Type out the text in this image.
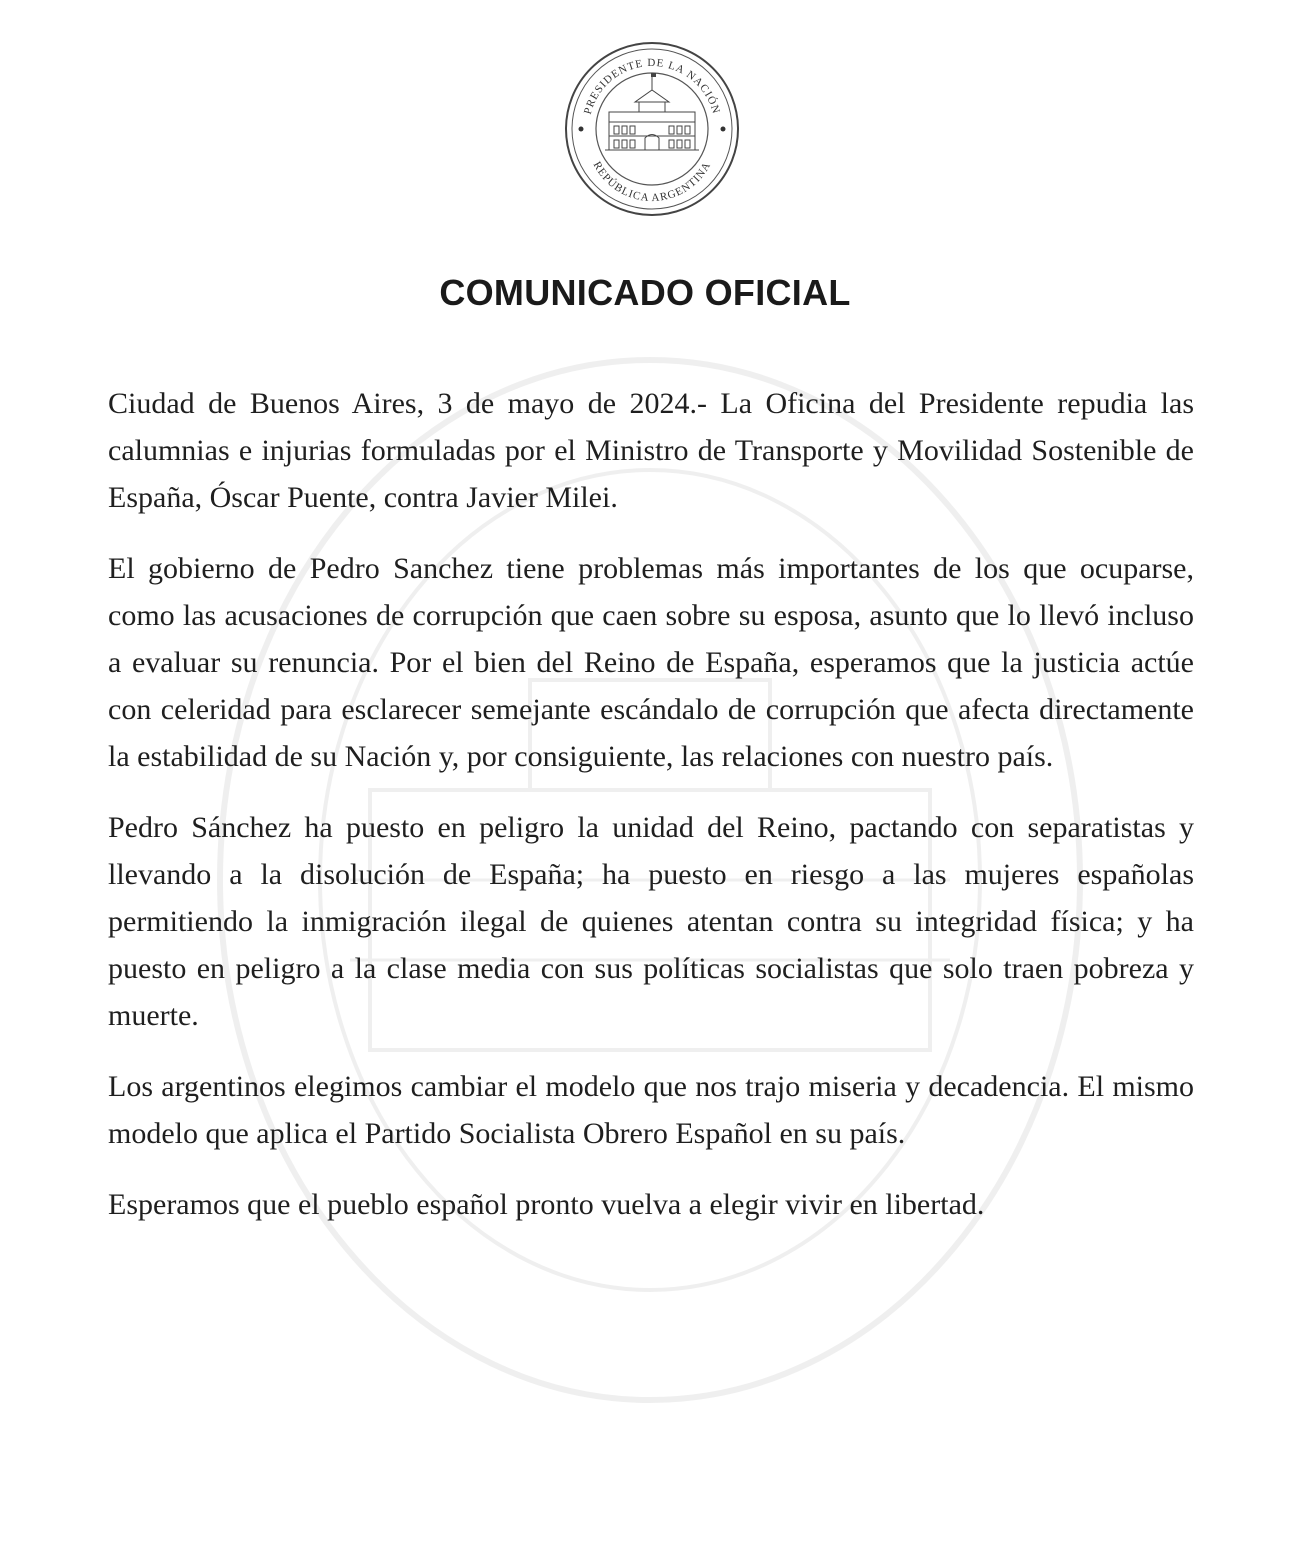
PRESIDENTE DE LA NACIÓN
REPÚBLICA ARGENTINA
COMUNICADO OFICIAL

Ciudad de Buenos Aires, 3 de mayo de 2024.- La Oficina del Presidente repudia las calumnias e injurias formuladas por el Ministro de Transporte y Movilidad Sostenible de España, Óscar Puente, contra Javier Milei.

El gobierno de Pedro Sanchez tiene problemas más importantes de los que ocuparse, como las acusaciones de corrupción que caen sobre su esposa, asunto que lo llevó incluso a evaluar su renuncia. Por el bien del Reino de España, esperamos que la justicia actúe con celeridad para esclarecer semejante escándalo de corrupción que afecta directamente la estabilidad de su Nación y, por consiguiente, las relaciones con nuestro país.

Pedro Sánchez ha puesto en peligro la unidad del Reino, pactando con separatistas y llevando a la disolución de España; ha puesto en riesgo a las mujeres españolas permitiendo la inmigración ilegal de quienes atentan contra su integridad física; y ha puesto en peligro a la clase media con sus políticas socialistas que solo traen pobreza y muerte.

Los argentinos elegimos cambiar el modelo que nos trajo miseria y decadencia. El mismo modelo que aplica el Partido Socialista Obrero Español en su país.

Esperamos que el pueblo español pronto vuelva a elegir vivir en libertad.
